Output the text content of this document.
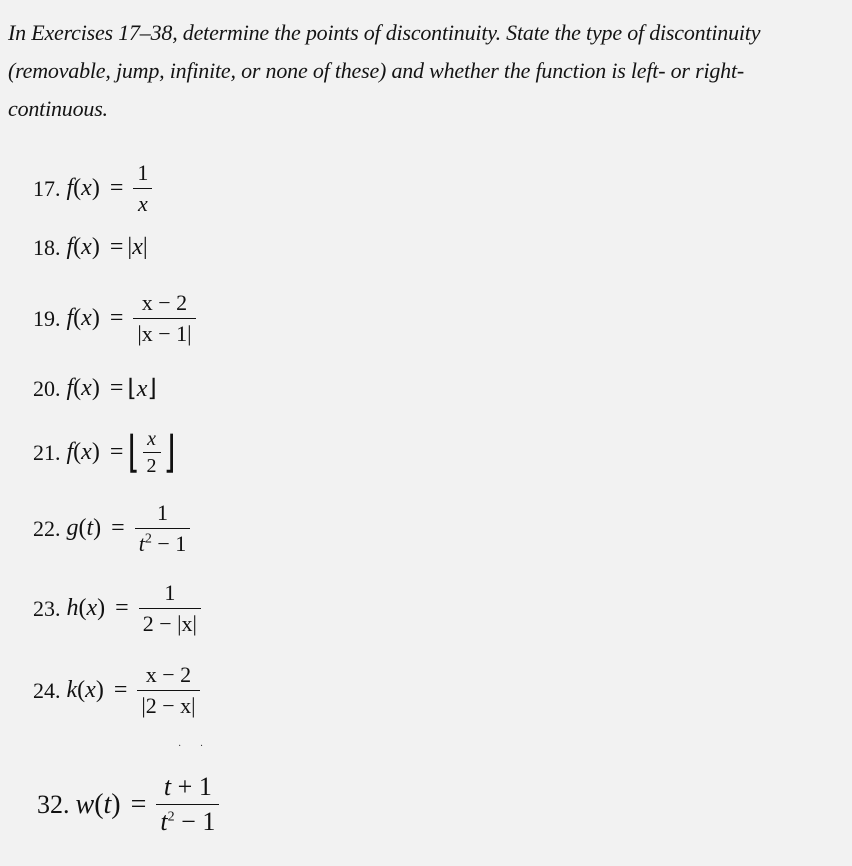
In Exercises 17–38, determine the points of discontinuity. State the type of discontinuity
(removable, jump, infinite, or none of these) and whether the function is left- or right-
continuous.
17. $f(x) = \frac{1}{x}$
18. f(x) = |x|
19. $f(x) = \frac{x - 2}{|x - 1|}$
20. f(x) = ⌊x⌋
21. f(x) = ⌊ $\frac{x}{2}$ ⌋
22. $g(t) = \frac{1}{t^2 - 1}$
23. $h(x) = \frac{1}{2 - |x|}$
24. $k(x) = \frac{x - 2}{|2 - x|}$
· ·
32. $w(t) = \frac{t + 1}{t^2 - 1}$
